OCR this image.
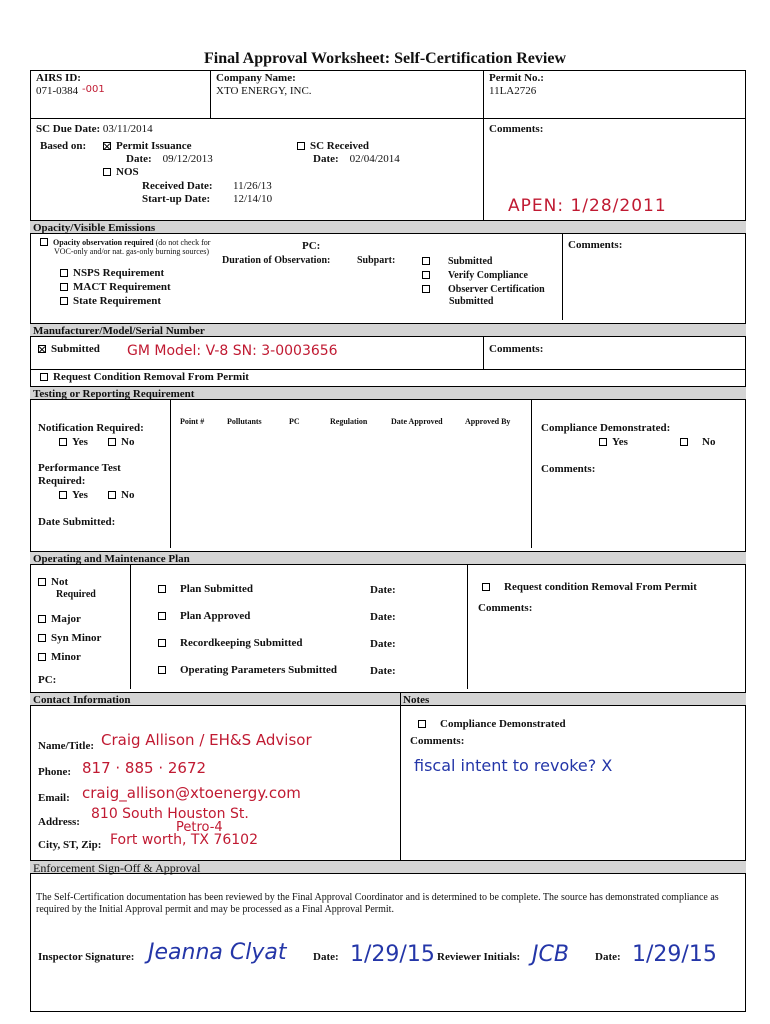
Final Approval Worksheet: Self-Certification Review
AIRS ID:
071-0384 -001
Company Name:
XTO ENERGY, INC.
Permit No.:
11LA2726
SC Due Date: 03/11/2014	Comments:
Based on:	Permit Issuance
Date: 09/12/2013
SC Received
Date: 02/04/2014
NOS
Received Date: 11/26/13
Start-up Date: 12/14/10	APEN: 1/28/2011
Opacity/Visible Emissions
Opacity observation required (do not check for
VOC-only and/or nat. gas-only burning sources)
NSPS Requirement
MACT Requirement
State Requirement
PC:
Duration of Observation:	Subpart:	Submitted
Verify Compliance
Observer Certification
Submitted
Comments:
Manufacturer/Model/Serial Number
Submitted GM Model: V-8 SN: 3-0003656	Comments:
Request Condition Removal From Permit
Testing or Reporting Requirement
Notification Required:
Yes	No
Point #	Pollutants	PC	Regulation	Date Approved	Approved By
Compliance Demonstrated:
Yes	No
Performance Test
Required:
Yes	No
Comments:
Date Submitted:
Operating and Maintenance Plan
Not
Required
Major
Syn Minor
Minor
PC:
Plan Submitted
Plan Approved
Recordkeeping Submitted
Operating Parameters Submitted
Date:
Date:
Date:
Date:
Request condition Removal From Permit
Comments:
Contact Information	Notes
Name/Title: Craig Allison / EH&S Advisor
Phone: 817 · 885 · 2672
Email: craig_allison@xtoenergy.com
Address: 810 South Houston St.
Petro-4
City, ST, Zip: Fort worth, TX 76102
Compliance Demonstrated
Comments:
fiscal intent to revoke? X
Enforcement Sign-Off & Approval
The Self-Certification documentation has been reviewed by the Final Approval Coordinator and is determined to be complete. The source has demonstrated compliance as required by the Initial Approval permit and may be processed as a Final Approval Permit.
Inspector Signature: Jeanna Clyat Date: 1/29/15 Reviewer Initials: JCB Date: 1/29/15
